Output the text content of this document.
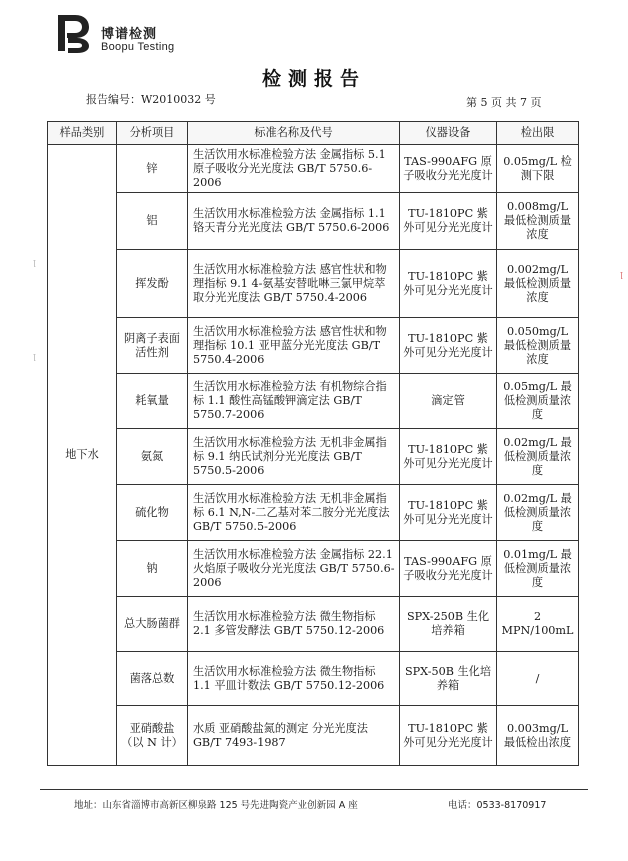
博谱检测
Boopu Testing
检测报告
报告编号：W2010032 号	第 5 页 共 7 页
ꞁ
ꞁ
ꞁ
样品类别	分析项目	标准名称及代号	仪器设备	检出限
地下水	锌	生活饮用水标准检验方法 金属指标 5.1 原子吸收分光光度法 GB/T 5750.6-2006	TAS-990AFG 原子吸收分光光度计	0.05mg/L 检测下限
	铝	生活饮用水标准检验方法 金属指标 1.1 铬天青分光光度法 GB/T 5750.6-2006	TU-1810PC 紫外可见分光光度计	0.008mg/L 最低检测质量浓度
	挥发酚	生活饮用水标准检验方法 感官性状和物理指标 9.1 4-氨基安替吡啉三氯甲烷萃取分光光度法 GB/T 5750.4-2006	TU-1810PC 紫外可见分光光度计	0.002mg/L 最低检测质量浓度
	阴离子表面活性剂	生活饮用水标准检验方法 感官性状和物理指标 10.1 亚甲蓝分光光度法 GB/T 5750.4-2006	TU-1810PC 紫外可见分光光度计	0.050mg/L 最低检测质量浓度
	耗氧量	生活饮用水标准检验方法 有机物综合指标 1.1 酸性高锰酸钾滴定法 GB/T 5750.7-2006	滴定管	0.05mg/L 最低检测质量浓度
	氨氮	生活饮用水标准检验方法 无机非金属指标 9.1 纳氏试剂分光光度法 GB/T 5750.5-2006	TU-1810PC 紫外可见分光光度计	0.02mg/L 最低检测质量浓度
	硫化物	生活饮用水标准检验方法 无机非金属指标 6.1 N,N-二乙基对苯二胺分光光度法 GB/T 5750.5-2006	TU-1810PC 紫外可见分光光度计	0.02mg/L 最低检测质量浓度
	钠	生活饮用水标准检验方法 金属指标 22.1 火焰原子吸收分光光度法 GB/T 5750.6-2006	TAS-990AFG 原子吸收分光光度计	0.01mg/L 最低检测质量浓度
	总大肠菌群	生活饮用水标准检验方法 微生物指标 2.1 多管发酵法 GB/T 5750.12-2006	SPX-250B 生化培养箱	2 MPN/100mL
	菌落总数	生活饮用水标准检验方法 微生物指标 1.1 平皿计数法 GB/T 5750.12-2006	SPX-50B 生化培养箱	/
	亚硝酸盐（以 N 计）	水质 亚硝酸盐氮的测定 分光光度法 GB/T 7493-1987	TU-1810PC 紫外可见分光光度计	0.003mg/L 最低检出浓度
地址：山东省淄博市高新区柳泉路 125 号先进陶瓷产业创新园 A 座	电话：0533-8170917
